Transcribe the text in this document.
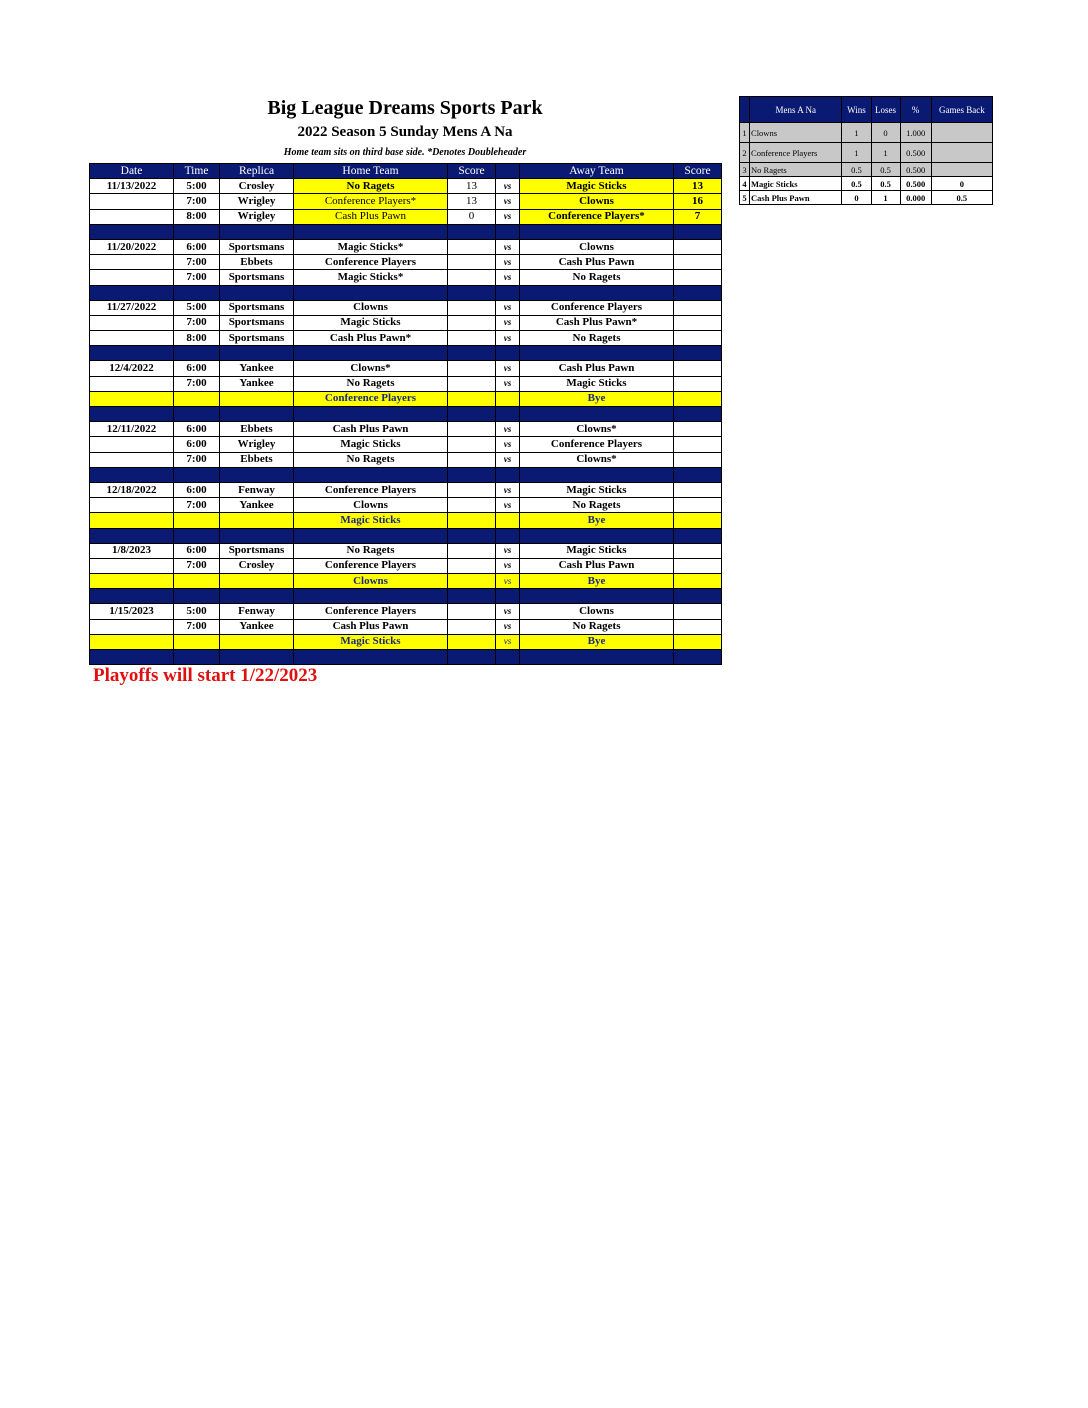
Big League Dreams Sports Park
2022 Season 5 Sunday Mens A Na
Home team sits on third base side. *Denotes Doubleheader
Date	Time	Replica	Home Team	Score		Away Team	Score
11/13/2022	5:00	Crosley	No Ragets	13	vs	Magic Sticks	13
	7:00	Wrigley	Conference Players*	13	vs	Clowns	16
	8:00	Wrigley	Cash Plus Pawn	0	vs	Conference Players*	7

11/20/2022	6:00	Sportsmans	Magic Sticks*		vs	Clowns	
	7:00	Ebbets	Conference Players		vs	Cash Plus Pawn	
	7:00	Sportsmans	Magic Sticks*		vs	No Ragets	

11/27/2022	5:00	Sportsmans	Clowns		vs	Conference Players	
	7:00	Sportsmans	Magic Sticks		vs	Cash Plus Pawn*	
	8:00	Sportsmans	Cash Plus Pawn*		vs	No Ragets	

12/4/2022	6:00	Yankee	Clowns*		vs	Cash Plus Pawn	
	7:00	Yankee	No Ragets		vs	Magic Sticks	
			Conference Players			Bye	

12/11/2022	6:00	Ebbets	Cash Plus Pawn		vs	Clowns*	
	6:00	Wrigley	Magic Sticks		vs	Conference Players	
	7:00	Ebbets	No Ragets		vs	Clowns*	

12/18/2022	6:00	Fenway	Conference Players		vs	Magic Sticks	
	7:00	Yankee	Clowns		vs	No Ragets	
			Magic Sticks			Bye	

1/8/2023	6:00	Sportsmans	No Ragets		vs	Magic Sticks	
	7:00	Crosley	Conference Players		vs	Cash Plus Pawn	
			Clowns		vs	Bye	

1/15/2023	5:00	Fenway	Conference Players		vs	Clowns	
	7:00	Yankee	Cash Plus Pawn		vs	No Ragets	
			Magic Sticks		vs	Bye	

	Mens A Na	Wins	Loses	%	Games Back
1	Clowns	1	0	1.000	
2	Conference Players	1	1	0.500	
3	No Ragets	0.5	0.5	0.500	
4	Magic Sticks	0.5	0.5	0.500	0
5	Cash Plus Pawn	0	1	0.000	0.5
Playoffs will start 1/22/2023
